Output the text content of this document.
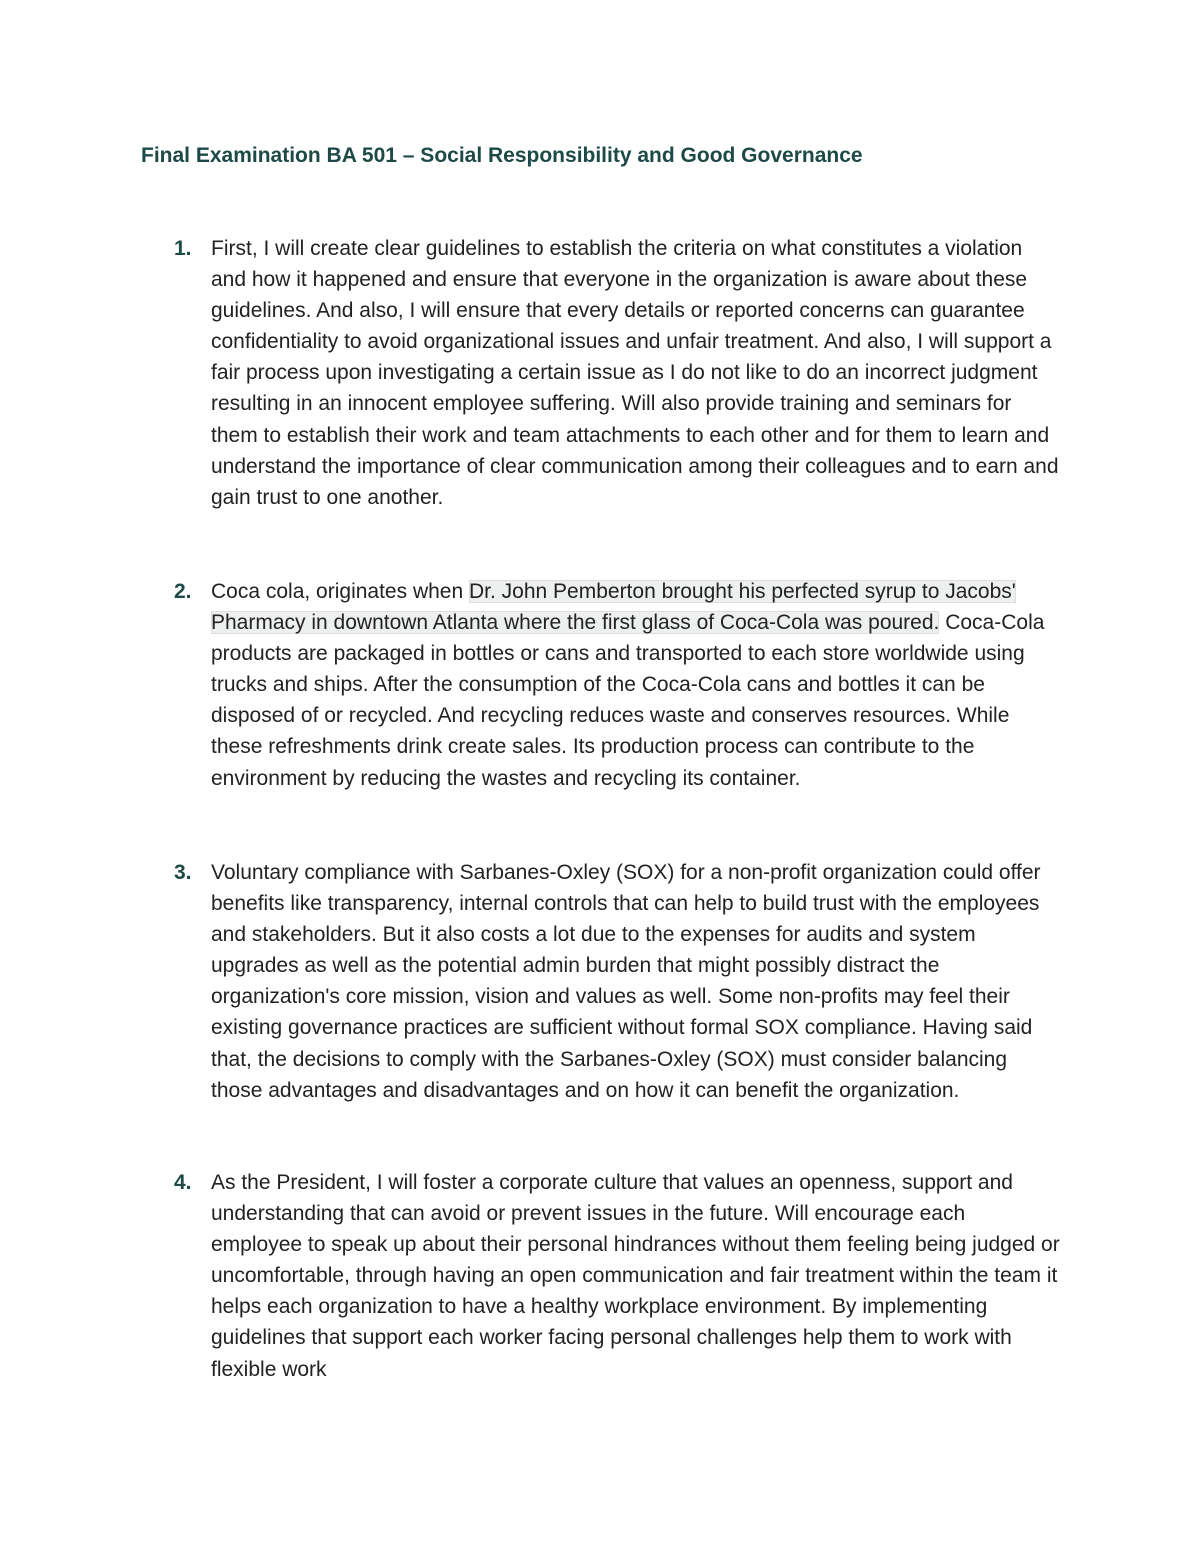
Final Examination BA 501 – Social Responsibility and Good Governance
1. First, I will create clear guidelines to establish the criteria on what constitutes a violation and how it happened and ensure that everyone in the organization is aware about these guidelines. And also, I will ensure that every details or reported concerns can guarantee confidentiality to avoid organizational issues and unfair treatment. And also, I will support a fair process upon investigating a certain issue as I do not like to do an incorrect judgment resulting in an innocent employee suffering. Will also provide training and seminars for them to establish their work and team attachments to each other and for them to learn and understand the importance of clear communication among their colleagues and to earn and gain trust to one another.

2. Coca cola, originates when Dr. John Pemberton brought his perfected syrup to Jacobs' Pharmacy in downtown Atlanta where the first glass of Coca-Cola was poured. Coca-Cola products are packaged in bottles or cans and transported to each store worldwide using trucks and ships. After the consumption of the Coca-Cola cans and bottles it can be disposed of or recycled. And recycling reduces waste and conserves resources. While these refreshments drink create sales. Its production process can contribute to the environment by reducing the wastes and recycling its container.

3. Voluntary compliance with Sarbanes-Oxley (SOX) for a non-profit organization could offer benefits like transparency, internal controls that can help to build trust with the employees and stakeholders. But it also costs a lot due to the expenses for audits and system upgrades as well as the potential admin burden that might possibly distract the organization's core mission, vision and values as well. Some non-profits may feel their existing governance practices are sufficient without formal SOX compliance. Having said that, the decisions to comply with the Sarbanes-Oxley (SOX) must consider balancing those advantages and disadvantages and on how it can benefit the organization.

4. As the President, I will foster a corporate culture that values an openness, support and understanding that can avoid or prevent issues in the future. Will encourage each employee to speak up about their personal hindrances without them feeling being judged or uncomfortable, through having an open communication and fair treatment within the team it helps each organization to have a healthy workplace environment. By implementing guidelines that support each worker facing personal challenges help them to work with flexible work
